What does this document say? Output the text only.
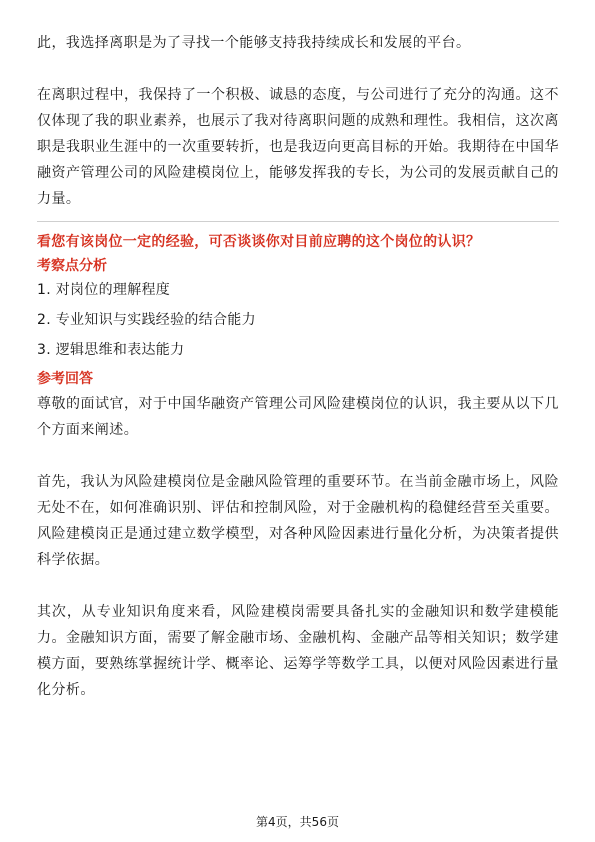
此，我选择离职是为了寻找一个能够支持我持续成长和发展的平台。

在离职过程中，我保持了一个积极、诚恳的态度，与公司进行了充分的沟通。这不仅体现了我的职业素养，也展示了我对待离职问题的成熟和理性。我相信，这次离职是我职业生涯中的一次重要转折，也是我迈向更高目标的开始。我期待在中国华融资产管理公司的风险建模岗位上，能够发挥我的专长，为公司的发展贡献自己的力量。

看您有该岗位一定的经验，可否谈谈你对目前应聘的这个岗位的认识？

考察点分析

1. 对岗位的理解程度

2. 专业知识与实践经验的结合能力

3. 逻辑思维和表达能力

参考回答

尊敬的面试官，对于中国华融资产管理公司风险建模岗位的认识，我主要从以下几个方面来阐述。

首先，我认为风险建模岗位是金融风险管理的重要环节。在当前金融市场上，风险无处不在，如何准确识别、评估和控制风险，对于金融机构的稳健经营至关重要。风险建模岗正是通过建立数学模型，对各种风险因素进行量化分析，为决策者提供科学依据。

其次，从专业知识角度来看，风险建模岗需要具备扎实的金融知识和数学建模能力。金融知识方面，需要了解金融市场、金融机构、金融产品等相关知识；数学建模方面，要熟练掌握统计学、概率论、运筹学等数学工具，以便对风险因素进行量化分析。

第4页，共56页
